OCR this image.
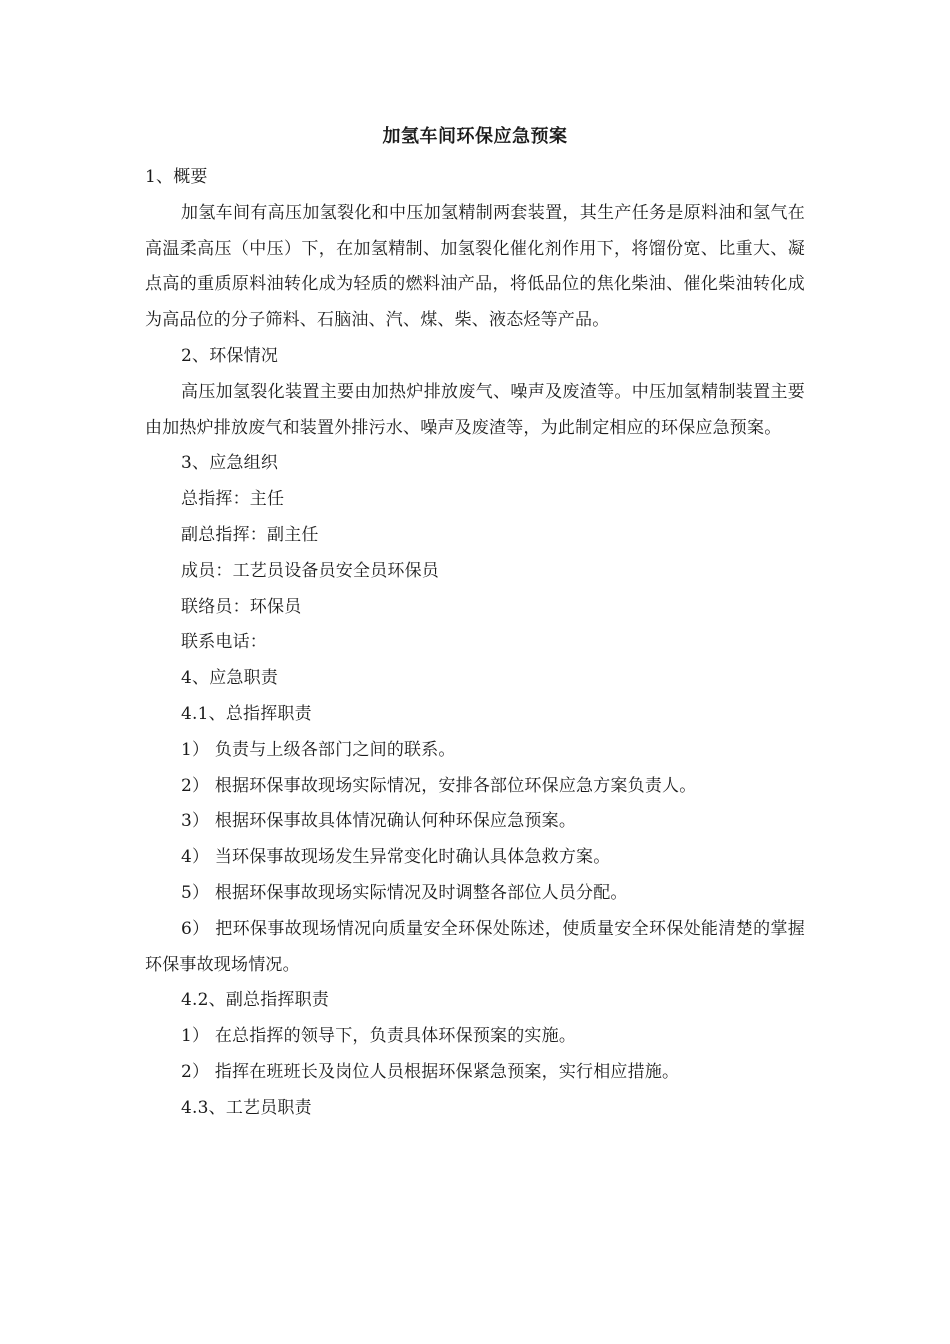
加氢车间环保应急预案

1、概要

加氢车间有高压加氢裂化和中压加氢精制两套装置，其生产任务是原料油和氢气在高温柔高压（中压）下，在加氢精制、加氢裂化催化剂作用下，将馏份宽、比重大、凝点高的重质原料油转化成为轻质的燃料油产品，将低品位的焦化柴油、催化柴油转化成为高品位的分子筛料、石脑油、汽、煤、柴、液态烃等产品。

2、环保情况

高压加氢裂化装置主要由加热炉排放废气、噪声及废渣等。中压加氢精制装置主要由加热炉排放废气和装置外排污水、噪声及废渣等，为此制定相应的环保应急预案。

3、应急组织

总指挥：主任

副总指挥：副主任

成员：工艺员设备员安全员环保员

联络员：环保员

联系电话：

4、应急职责

4.1、总指挥职责

1） 负责与上级各部门之间的联系。

2） 根据环保事故现场实际情况，安排各部位环保应急方案负责人。

3） 根据环保事故具体情况确认何种环保应急预案。

4） 当环保事故现场发生异常变化时确认具体急救方案。

5） 根据环保事故现场实际情况及时调整各部位人员分配。

6） 把环保事故现场情况向质量安全环保处陈述，使质量安全环保处能清楚的掌握环保事故现场情况。

4.2、副总指挥职责

1） 在总指挥的领导下，负责具体环保预案的实施。

2） 指挥在班班长及岗位人员根据环保紧急预案，实行相应措施。

4.3、工艺员职责
